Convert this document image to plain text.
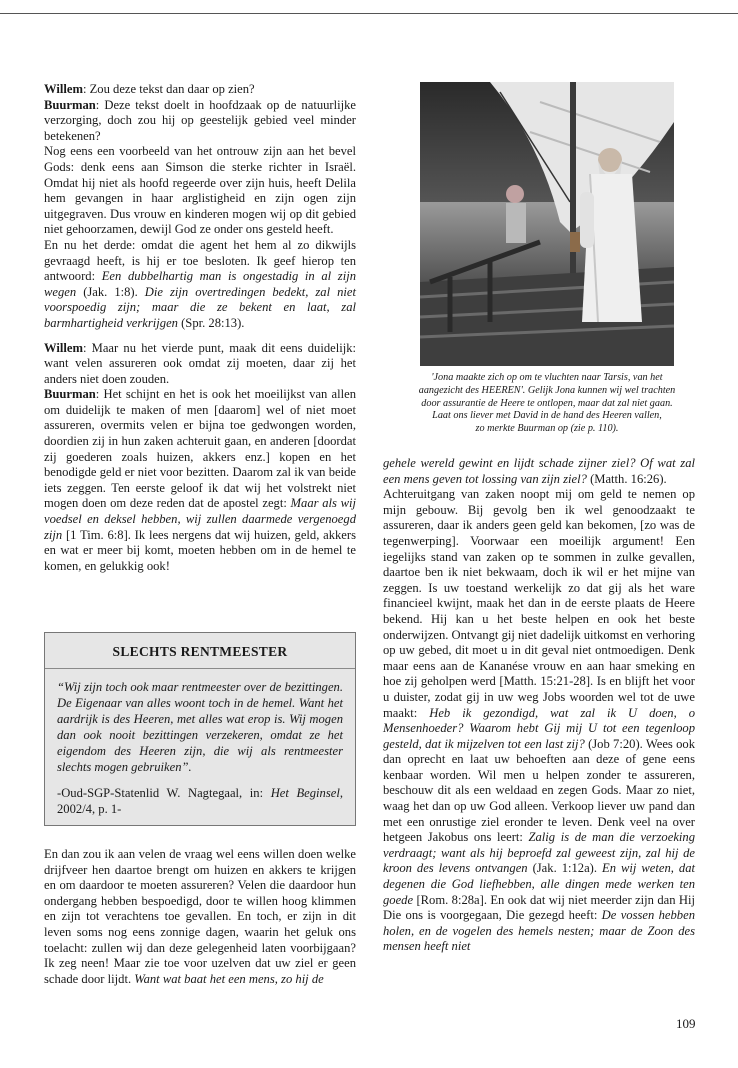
Willem: Zou deze tekst dan daar op zien?

Buurman: Deze tekst doelt in hoofdzaak op de natuurlijke verzorging, doch zou hij op geestelijk gebied veel minder betekenen?

Nog eens een voorbeeld van het ontrouw zijn aan het bevel Gods: denk eens aan Simson die sterke richter in Israël. Omdat hij niet als hoofd regeerde over zijn huis, heeft Delila hem gevangen in haar arglistigheid en zijn ogen zijn uitgegraven. Dus vrouw en kinderen mogen wij op dit gebied niet gehoorzamen, dewijl God ze onder ons gesteld heeft.

En nu het derde: omdat die agent het hem al zo dikwijls gevraagd heeft, is hij er toe besloten. Ik geef hierop ten antwoord: Een dubbelhartig man is ongestadig in al zijn wegen (Jak. 1:8). Die zijn overtredingen bedekt, zal niet voorspoedig zijn; maar die ze bekent en laat, zal barmhartigheid verkrijgen (Spr. 28:13).

Willem: Maar nu het vierde punt, maak dit eens duidelijk: want velen assureren ook omdat zij moeten, daar zij het anders niet doen zouden.

Buurman: Het schijnt en het is ook het moeilijkst van allen om duidelijk te maken of men [daarom] wel of niet moet assureren, overmits velen er bijna toe gedwongen worden, doordien zij in hun zaken achteruit gaan, en anderen [doordat zij goederen zoals huizen, akkers enz.] kopen en het benodigde geld er niet voor bezitten. Daarom zal ik van beide iets zeggen. Ten eerste geloof ik dat wij het volstrekt niet mogen doen om deze reden dat de apostel zegt: Maar als wij voedsel en deksel hebben, wij zullen daarmede vergenoegd zijn [1 Tim. 6:8]. Ik lees nergens dat wij huizen, geld, akkers en wat er meer bij komt, moeten hebben om in de hemel te komen, en gelukkig ook!

SLECHTS RENTMEESTER

“Wij zijn toch ook maar rentmeester over de bezittingen. De Eigenaar van alles woont toch in de hemel. Want het aardrijk is des Heeren, met alles wat erop is. Wij mogen dan ook nooit bezittingen verzekeren, omdat ze het eigendom des Heeren zijn, die wij als rentmeester slechts mogen gebruiken”.

-Oud-SGP-Statenlid W. Nagtegaal, in: Het Beginsel, 2002/4, p. 1-

En dan zou ik aan velen de vraag wel eens willen doen welke drijfveer hen daartoe brengt om huizen en akkers te krijgen en om daardoor te moeten assureren? Velen die daardoor hun ondergang hebben bespoedigd, door te willen hoog klimmen en zijn tot verachtens toe gevallen. En toch, er zijn in dit leven soms nog eens zonnige dagen, waarin het geluk ons toelacht: zullen wij dan deze gelegenheid laten voorbijgaan? Ik zeg neen! Maar zie toe voor uzelven dat uw ziel er geen schade door lijdt. Want wat baat het een mens, zo hij de

'Jona maakte zich op om te vluchten naar Tarsis, van het
aangezicht des HEEREN'. Gelijk Jona kunnen wij wel trachten
door assurantie de Heere te ontlopen, maar dat zal niet gaan.
Laat ons liever met David in de hand des Heeren vallen,
zo merkte Buurman op (zie p. 110).

gehele wereld gewint en lijdt schade zijner ziel? Of wat zal een mens geven tot lossing van zijn ziel? (Matth. 16:26).

Achteruitgang van zaken noopt mij om geld te nemen op mijn gebouw. Bij gevolg ben ik wel genoodzaakt te assureren, daar ik anders geen geld kan bekomen, [zo was de tegenwerping]. Voorwaar een moeilijk argument! Een iegelijks stand van zaken op te sommen in zulke gevallen, daartoe ben ik niet bekwaam, doch ik wil er het mijne van zeggen. Is uw toestand werkelijk zo dat gij als het ware financieel kwijnt, maak het dan in de eerste plaats de Heere bekend. Hij kan u het beste helpen en ook het beste onderwijzen. Ontvangt gij niet dadelijk uitkomst en verhoring op uw gebed, dit moet u in dit geval niet ontmoedigen. Denk maar eens aan de Kananése vrouw en aan haar smeking en hoe zij geholpen werd [Matth. 15:21-28]. Is en blijft het voor u duister, zodat gij in uw weg Jobs woorden wel tot de uwe maakt: Heb ik gezondigd, wat zal ik U doen, o Mensenhoeder? Waarom hebt Gij mij U tot een tegenloop gesteld, dat ik mijzelven tot een last zij? (Job 7:20). Wees ook dan oprecht en laat uw behoeften aan deze of gene eens kenbaar worden. Wil men u helpen zonder te assureren, beschouw dit als een weldaad en zegen Gods. Maar zo niet, waag het dan op uw God alleen. Verkoop liever uw pand dan met een onrustige ziel eronder te leven. Denk veel na over hetgeen Jakobus ons leert: Zalig is de man die verzoeking verdraagt; want als hij beproefd zal geweest zijn, zal hij de kroon des levens ontvangen (Jak. 1:12a). En wij weten, dat degenen die God liefhebben, alle dingen mede werken ten goede [Rom. 8:28a]. En ook dat wij niet meerder zijn dan Hij Die ons is voorgegaan, Die gezegd heeft: De vossen hebben holen, en de vogelen des hemels nesten; maar de Zoon des mensen heeft niet

109
